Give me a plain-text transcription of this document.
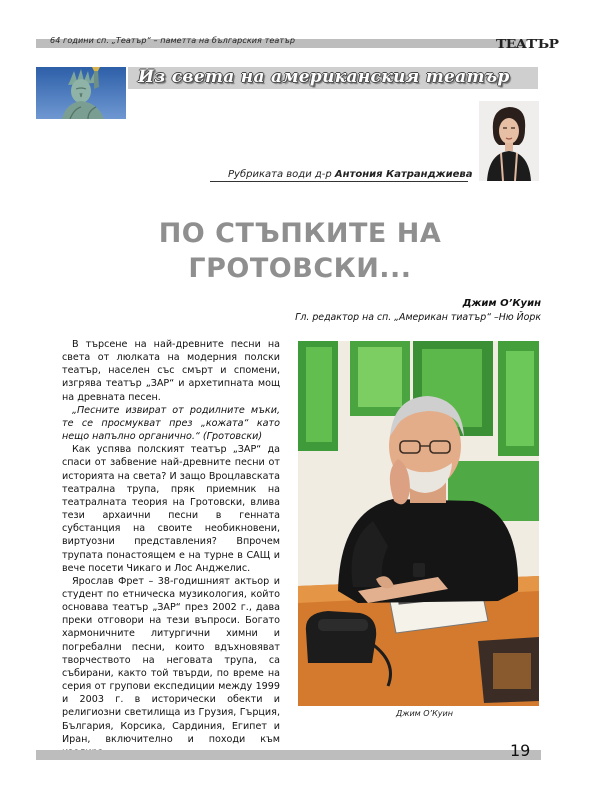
64 години сп. „Театър“ – паметта на българския театър	ТЕАТЪР
Из света на американския театър
Рубриката води д-р Антония Катранджиева
ПО СТЪПКИТЕ НА
ГРОТОВСКИ...
Джим О’Куин
Гл. редактор на сп. „Американ тиатър“ –Ню Йорк

В търсене на най-древните песни на света от люлката на модерния полски театър, населен със смърт и спомени, изгрява театър „ЗАР“ и архетипната мощ на древната песен.

„Песните извират от родилните мъки, те се просмукват през „кожата“ като нещо напълно органично.“ (Гротовски)

Как успява полският театър „ЗАР“ да спаси от забвение най-древните песни от историята на света? И защо Вроцлавската театрална трупа, пряк приемник на театралната теория на Гротовски, влива тези архаични песни в генната субстанция на своите необикновени, виртуозни представления? Впрочем трупата понастоящем е на турне в САЩ и вече посети Чикаго и Лос Анджелис.

Ярослав Фрет – 38-годишният актьор и студент по етническа музикология, който основава театър „ЗАР“ през 2002 г., дава преки отговори на тези въпроси. Богато хармоничните литургични химни и погребални песни, които вдъхновяват творчеството на неговата трупа, са събирани, както той твърди, по време на серия от групови експедиции между 1999 и 2003 г. в исторически обекти и религиозни светилища из Грузия, Гърция, България, Корсика, Сардиния, Египет и Иран, включително и походи към

Джим О’Куин
19
